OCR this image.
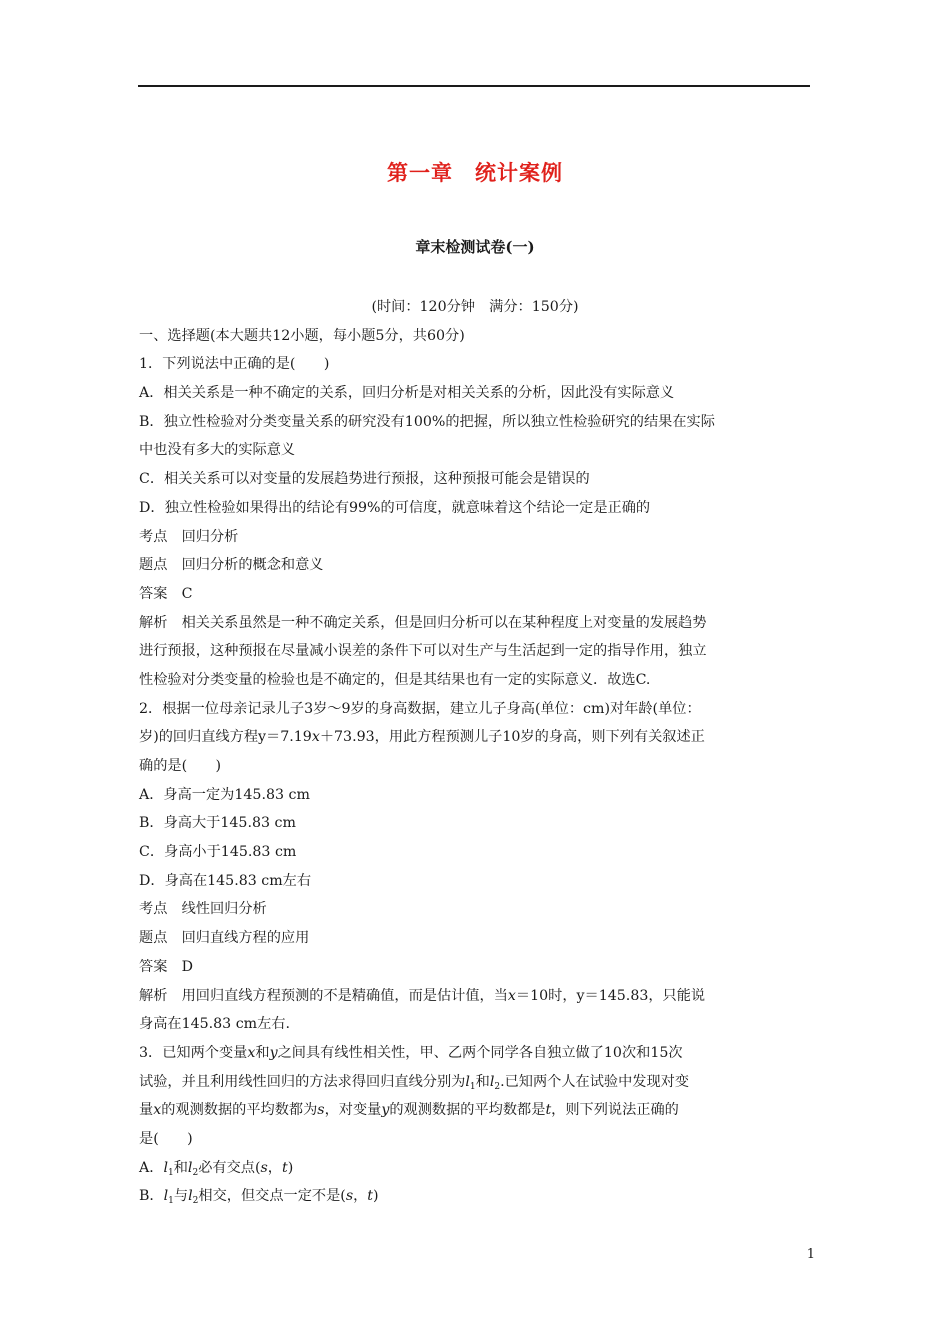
第一章　统计案例
章末检测试卷(一)
(时间：120分钟　满分：150分)
一、选择题(本大题共12小题，每小题5分，共60分)
1．下列说法中正确的是(　　)
A．相关关系是一种不确定的关系，回归分析是对相关关系的分析，因此没有实际意义
B．独立性检验对分类变量关系的研究没有100%的把握，所以独立性检验研究的结果在实际
中也没有多大的实际意义
C．相关关系可以对变量的发展趋势进行预报，这种预报可能会是错误的
D．独立性检验如果得出的结论有99%的可信度，就意味着这个结论一定是正确的
考点　回归分析
题点　回归分析的概念和意义
答案　C
解析　相关关系虽然是一种不确定关系，但是回归分析可以在某种程度上对变量的发展趋势
进行预报，这种预报在尽量减小误差的条件下可以对生产与生活起到一定的指导作用，独立
性检验对分类变量的检验也是不确定的，但是其结果也有一定的实际意义．故选C.
2．根据一位母亲记录儿子3岁～9岁的身高数据，建立儿子身高(单位：cm)对年龄(单位：
岁)的回归直线方程y＝7.19x＋73.93，用此方程预测儿子10岁的身高，则下列有关叙述正
确的是(　　)
A．身高一定为145.83 cm
B．身高大于145.83 cm
C．身高小于145.83 cm
D．身高在145.83 cm左右
考点　线性回归分析
题点　回归直线方程的应用
答案　D
解析　用回归直线方程预测的不是精确值，而是估计值，当x＝10时，y＝145.83，只能说
身高在145.83 cm左右.
3．已知两个变量x和y之间具有线性相关性，甲、乙两个同学各自独立做了10次和15次
试验，并且利用线性回归的方法求得回归直线分别为$l_1$和$l_2$.已知两个人在试验中发现对变
量x的观测数据的平均数都为s，对变量y的观测数据的平均数都是t，则下列说法正确的
是(　　)
A．$l_1$和$l_2$必有交点(s，t)
B．$l_1$与$l_2$相交，但交点一定不是(s，t)
1
